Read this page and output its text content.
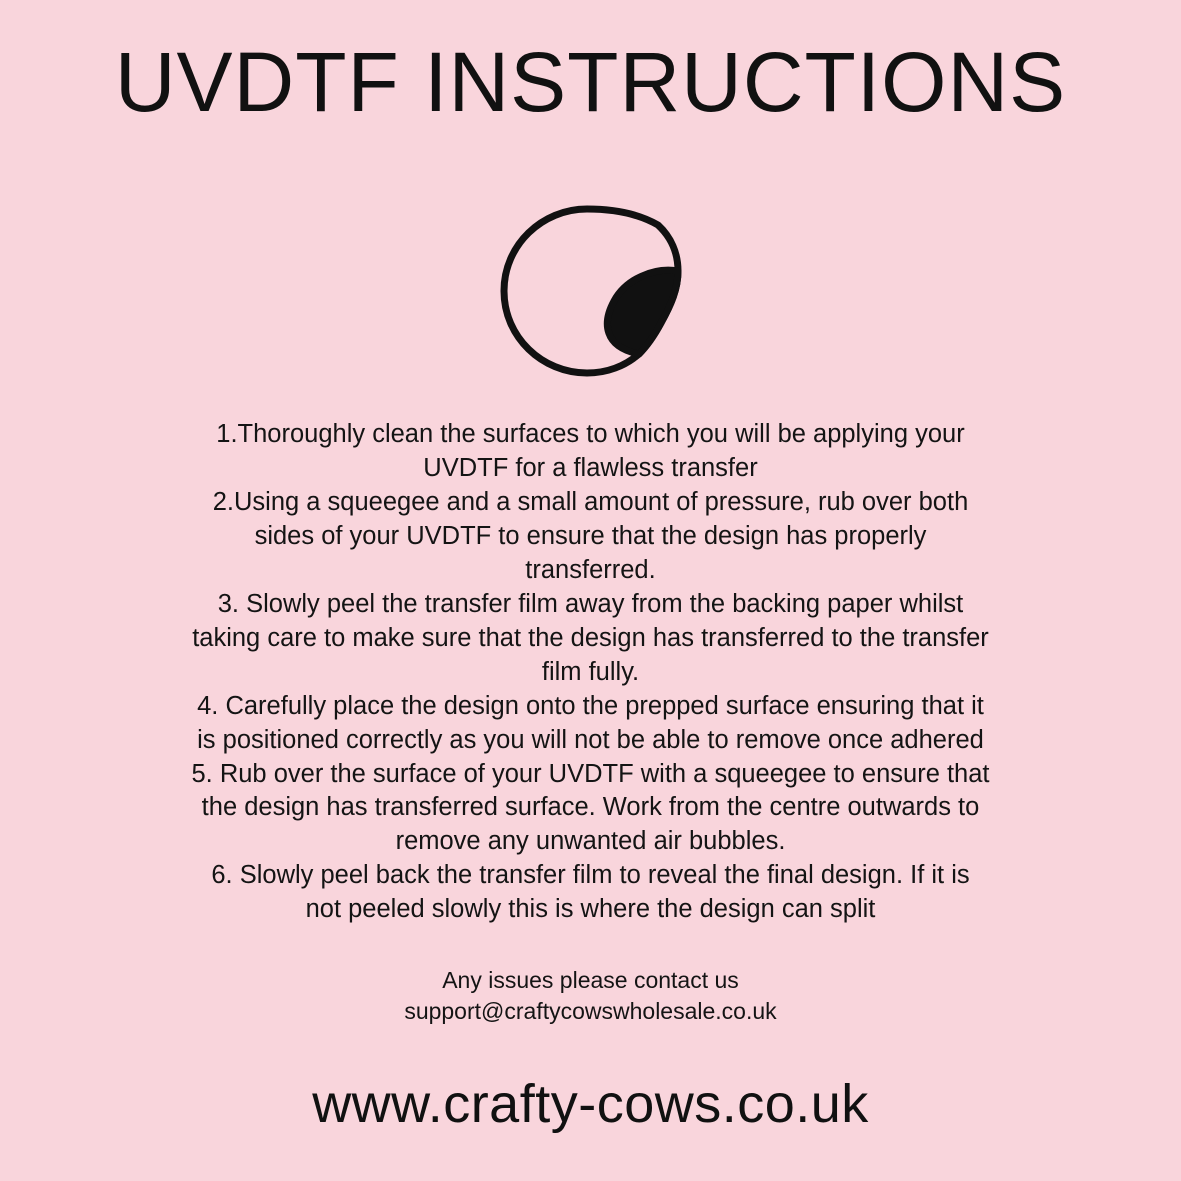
UVDTF INSTRUCTIONS

1.Thoroughly clean the surfaces to which you will be applying your UVDTF for a flawless transfer

2.Using a squeegee and a small amount of pressure, rub over both sides of your UVDTF to ensure that the design has properly transferred.

3. Slowly peel the transfer film away from the backing paper whilst taking care to make sure that the design has transferred to the transfer film fully.

4. Carefully place the design onto the prepped surface ensuring that it is positioned correctly as you will not be able to remove once adhered

5. Rub over the surface of your UVDTF with a squeegee to ensure that the design has transferred surface. Work from the centre outwards to remove any unwanted air bubbles.

6. Slowly peel back the transfer film to reveal the final design. If it is not peeled slowly this is where the design can split

Any issues please contact us
support@craftycowswholesale.co.uk
www.crafty-cows.co.uk
